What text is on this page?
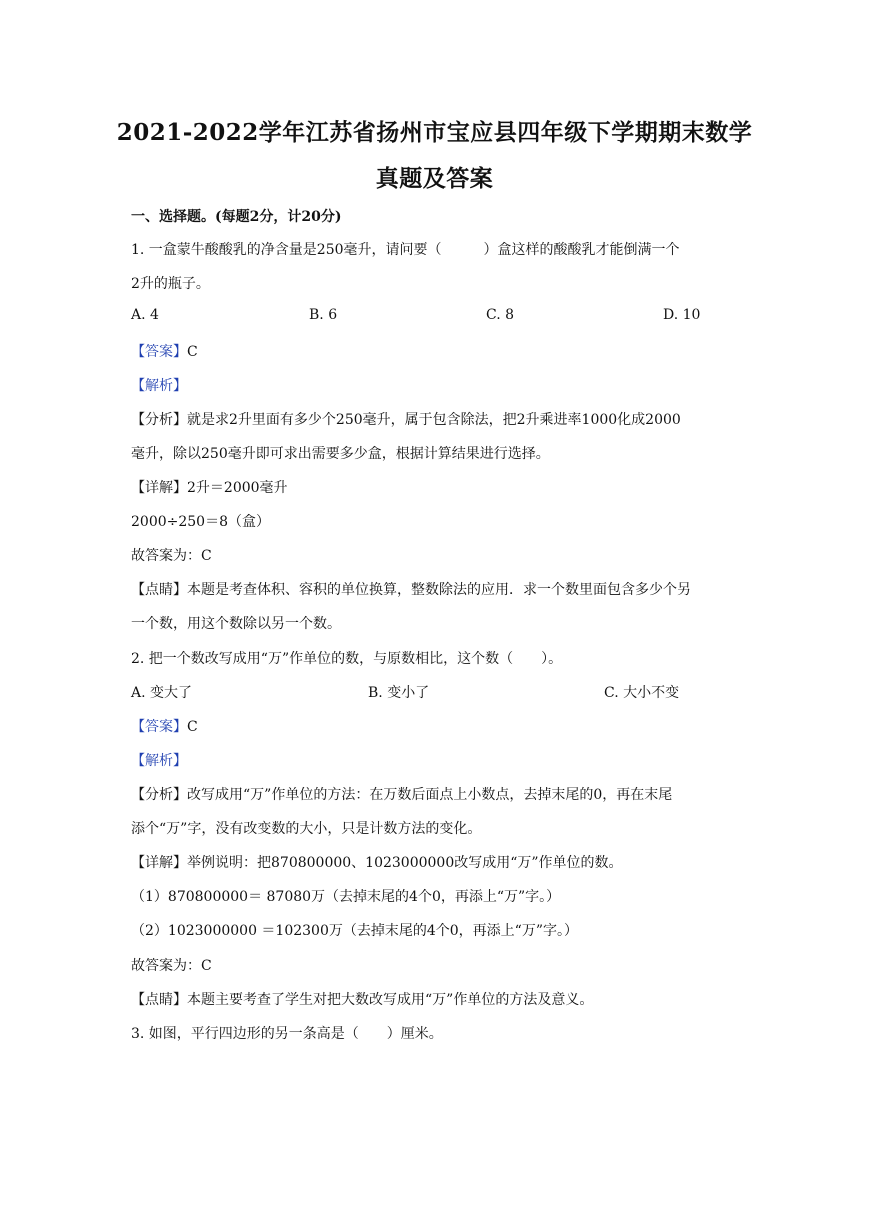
2021-2022学年江苏省扬州市宝应县四年级下学期期末数学
真题及答案
一、选择题。(每题2分，计20分)
1. 一盒蒙牛酸酸乳的净含量是250毫升，请问要（　　　）盒这样的酸酸乳才能倒满一个
2升的瓶子。
A. 4	B. 6	C. 8	D. 10
【答案】C
【解析】
【分析】就是求2升里面有多少个250毫升，属于包含除法，把2升乘进率1000化成2000
毫升，除以250毫升即可求出需要多少盒，根据计算结果进行选择。
【详解】2升＝2000毫升
2000÷250＝8（盒）
故答案为：C
【点睛】本题是考查体积、容积的单位换算，整数除法的应用．求一个数里面包含多少个另
一个数，用这个数除以另一个数。
2. 把一个数改写成用“万”作单位的数，与原数相比，这个数（　　）。
A. 变大了	B. 变小了	C. 大小不变
【答案】C
【解析】
【分析】改写成用“万”作单位的方法：在万数后面点上小数点，去掉末尾的0，再在末尾
添个“万”字，没有改变数的大小，只是计数方法的变化。
【详解】举例说明：把870800000、1023000000改写成用“万”作单位的数。
（1）870800000＝ 87080万（去掉末尾的4个0，再添上“万”字。）
（2）1023000000 ＝102300万（去掉末尾的4个0，再添上“万”字。）
故答案为：C
【点睛】本题主要考查了学生对把大数改写成用“万”作单位的方法及意义。
3. 如图，平行四边形的另一条高是（　　）厘米。
